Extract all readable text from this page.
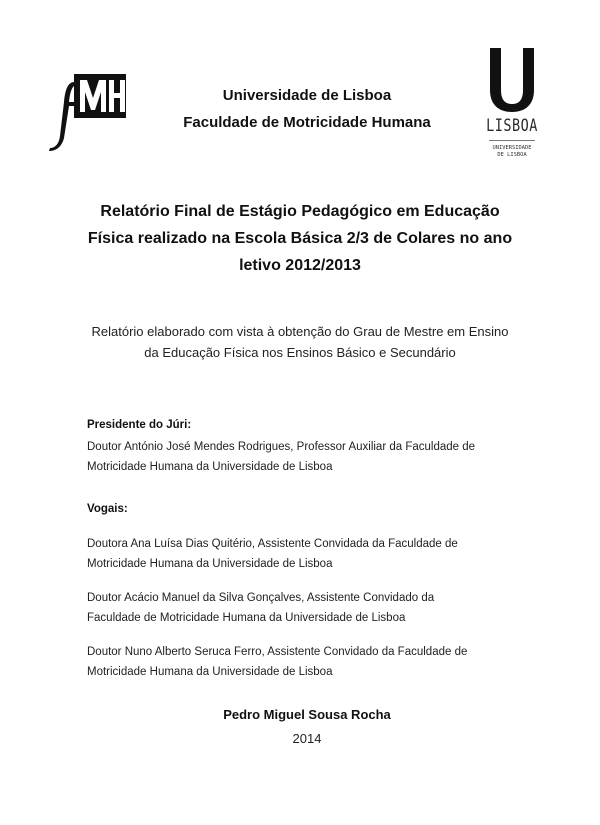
Universidade de Lisboa
Faculdade de Motricidade Humana	LISBOA
UNIVERSIDADE
DE LISBOA
Relatório Final de Estágio Pedagógico em Educação
Física realizado na Escola Básica 2/3 de Colares no ano
letivo 2012/2013
Relatório elaborado com vista à obtenção do Grau de Mestre em Ensino
da Educação Física nos Ensinos Básico e Secundário
Presidente do Júri:
Doutor António José Mendes Rodrigues, Professor Auxiliar da Faculdade de
Motricidade Humana da Universidade de Lisboa
Vogais:
Doutora Ana Luísa Dias Quitério, Assistente Convidada da Faculdade de
Motricidade Humana da Universidade de Lisboa
Doutor Acácio Manuel da Silva Gonçalves, Assistente Convidado da
Faculdade de Motricidade Humana da Universidade de Lisboa
Doutor Nuno Alberto Seruca Ferro, Assistente Convidado da Faculdade de
Motricidade Humana da Universidade de Lisboa
Pedro Miguel Sousa Rocha
2014
